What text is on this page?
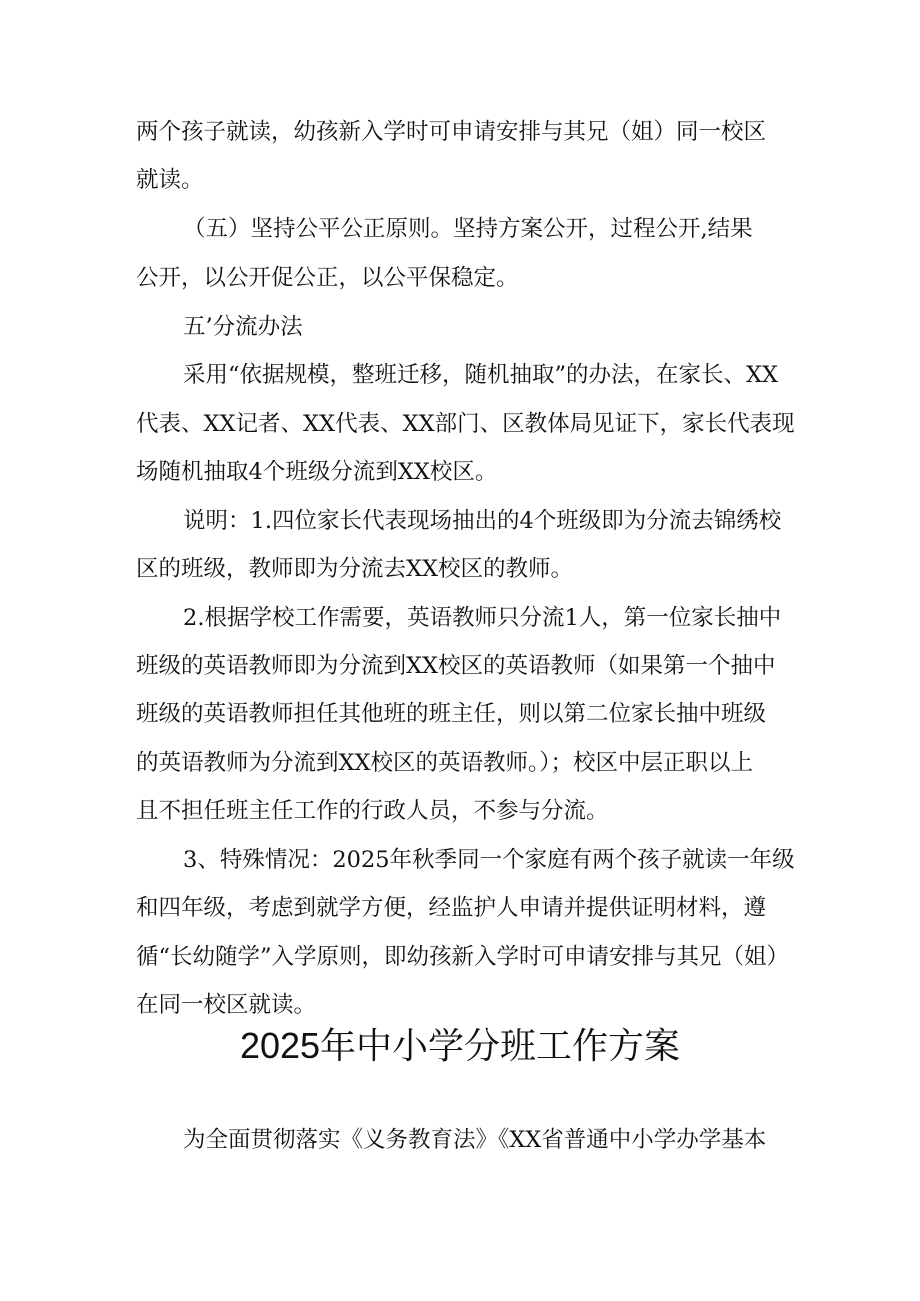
两个孩子就读，幼孩新入学时可申请安排与其兄（姐）同一校区
就读。
（五）坚持公平公正原则。坚持方案公开，过程公开,结果
公开，以公开促公正，以公平保稳定。
五’分流办法
采用“依据规模，整班迁移，随机抽取”的办法，在家长、XX
代表、XX记者、XX代表、XX部门、区教体局见证下，家长代表现
场随机抽取4个班级分流到XX校区。
说明：1.四位家长代表现场抽出的4个班级即为分流去锦绣校
区的班级，教师即为分流去XX校区的教师。
2.根据学校工作需要，英语教师只分流1人，第一位家长抽中
班级的英语教师即为分流到XX校区的英语教师（如果第一个抽中
班级的英语教师担任其他班的班主任，则以第二位家长抽中班级
的英语教师为分流到XX校区的英语教师。）；校区中层正职以上
且不担任班主任工作的行政人员，不参与分流。
3、特殊情况：2025年秋季同一个家庭有两个孩子就读一年级
和四年级，考虑到就学方便，经监护人申请并提供证明材料，遵
循“长幼随学”入学原则，即幼孩新入学时可申请安排与其兄（姐）
在同一校区就读。
2025年中小学分班工作方案
为全面贯彻落实《义务教育法》《XX省普通中小学办学基本
